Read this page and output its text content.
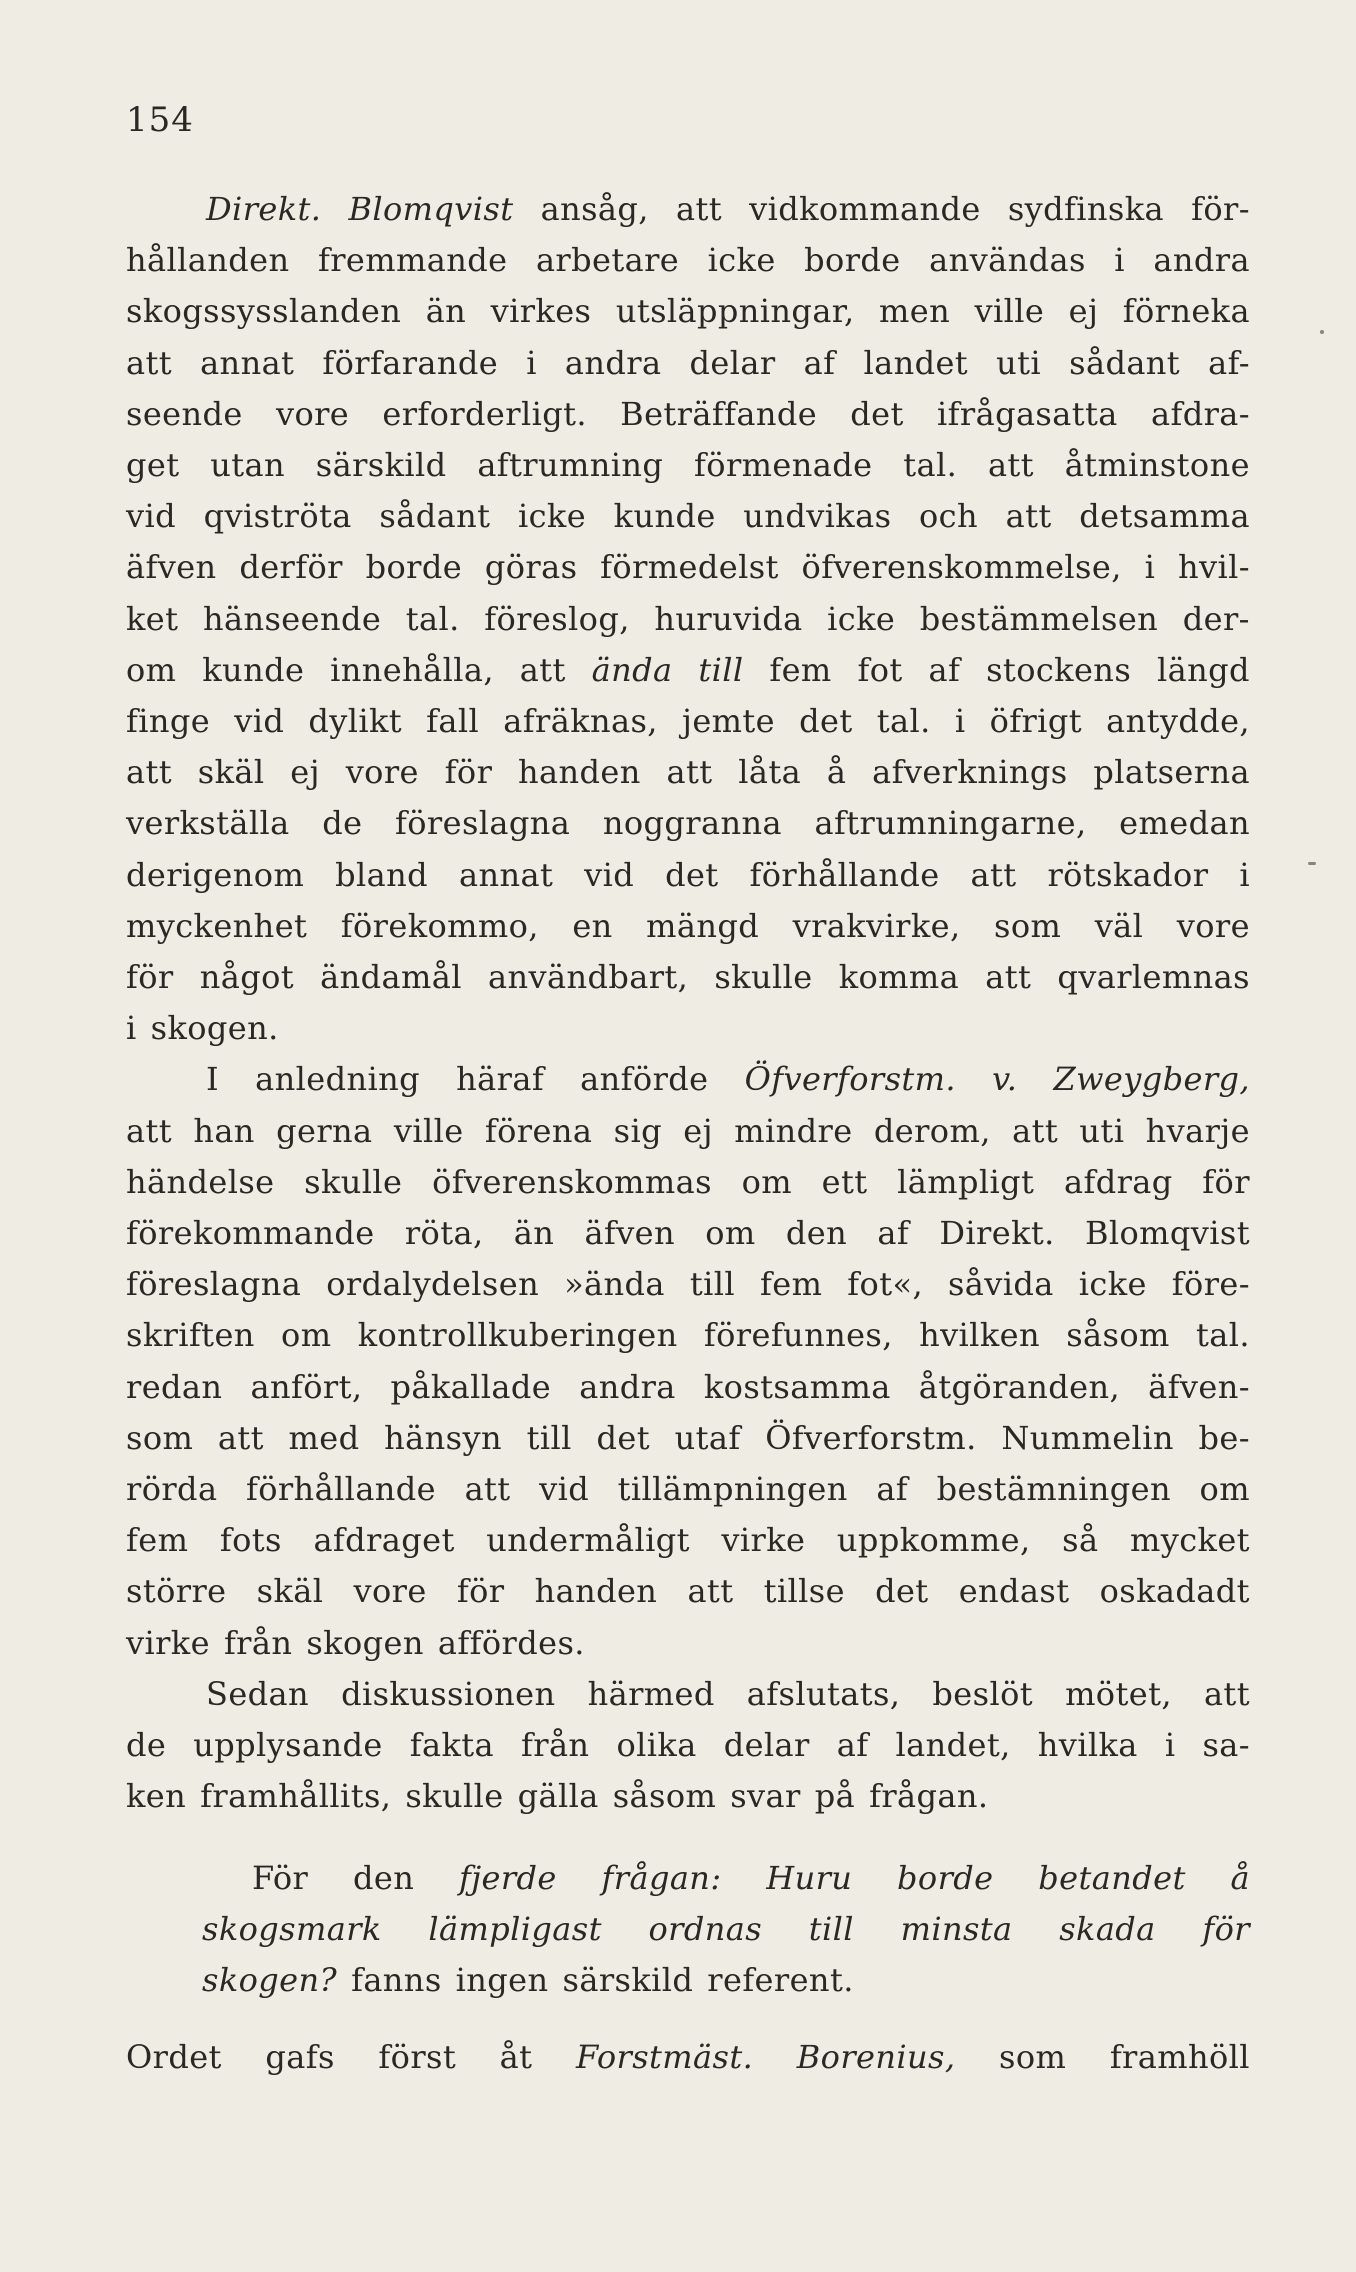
154
Direkt. Blomqvist ansåg, att vidkommande sydfinska för-
hållanden fremmande arbetare icke borde användas i andra
skogssysslanden än virkes utsläppningar, men ville ej förneka
att annat förfarande i andra delar af landet uti sådant af-
seende vore erforderligt. Beträffande det ifrågasatta afdra-
get utan särskild aftrumning förmenade tal. att åtminstone
vid qviströta sådant icke kunde undvikas och att detsamma
äfven derför borde göras förmedelst öfverenskommelse, i hvil-
ket hänseende tal. föreslog, huruvida icke bestämmelsen der-
om kunde innehålla, att ända till fem fot af stockens längd
finge vid dylikt fall afräknas, jemte det tal. i öfrigt antydde,
att skäl ej vore för handen att låta å afverknings platserna
verkställa de föreslagna noggranna aftrumningarne, emedan
derigenom bland annat vid det förhållande att rötskador i
myckenhet förekommo, en mängd vrakvirke, som väl vore
för något ändamål användbart, skulle komma att qvarlemnas
i skogen.
I anledning häraf anförde Öfverforstm. v. Zweygberg,
att han gerna ville förena sig ej mindre derom, att uti hvarje
händelse skulle öfverenskommas om ett lämpligt afdrag för
förekommande röta, än äfven om den af Direkt. Blomqvist
föreslagna ordalydelsen »ända till fem fot«, såvida icke före-
skriften om kontrollkuberingen förefunnes, hvilken såsom tal.
redan anfört, påkallade andra kostsamma åtgöranden, äfven-
som att med hänsyn till det utaf Öfverforstm. Nummelin be-
rörda förhållande att vid tillämpningen af bestämningen om
fem fots afdraget undermåligt virke uppkomme, så mycket
större skäl vore för handen att tillse det endast oskadadt
virke från skogen affördes.
Sedan diskussionen härmed afslutats, beslöt mötet, att
de upplysande fakta från olika delar af landet, hvilka i sa-
ken framhållits, skulle gälla såsom svar på frågan.
För den fjerde frågan: Huru borde betandet å
skogsmark lämpligast ordnas till minsta skada för
skogen? fanns ingen särskild referent.
Ordet gafs först åt Forstmäst. Borenius, som framhöll
